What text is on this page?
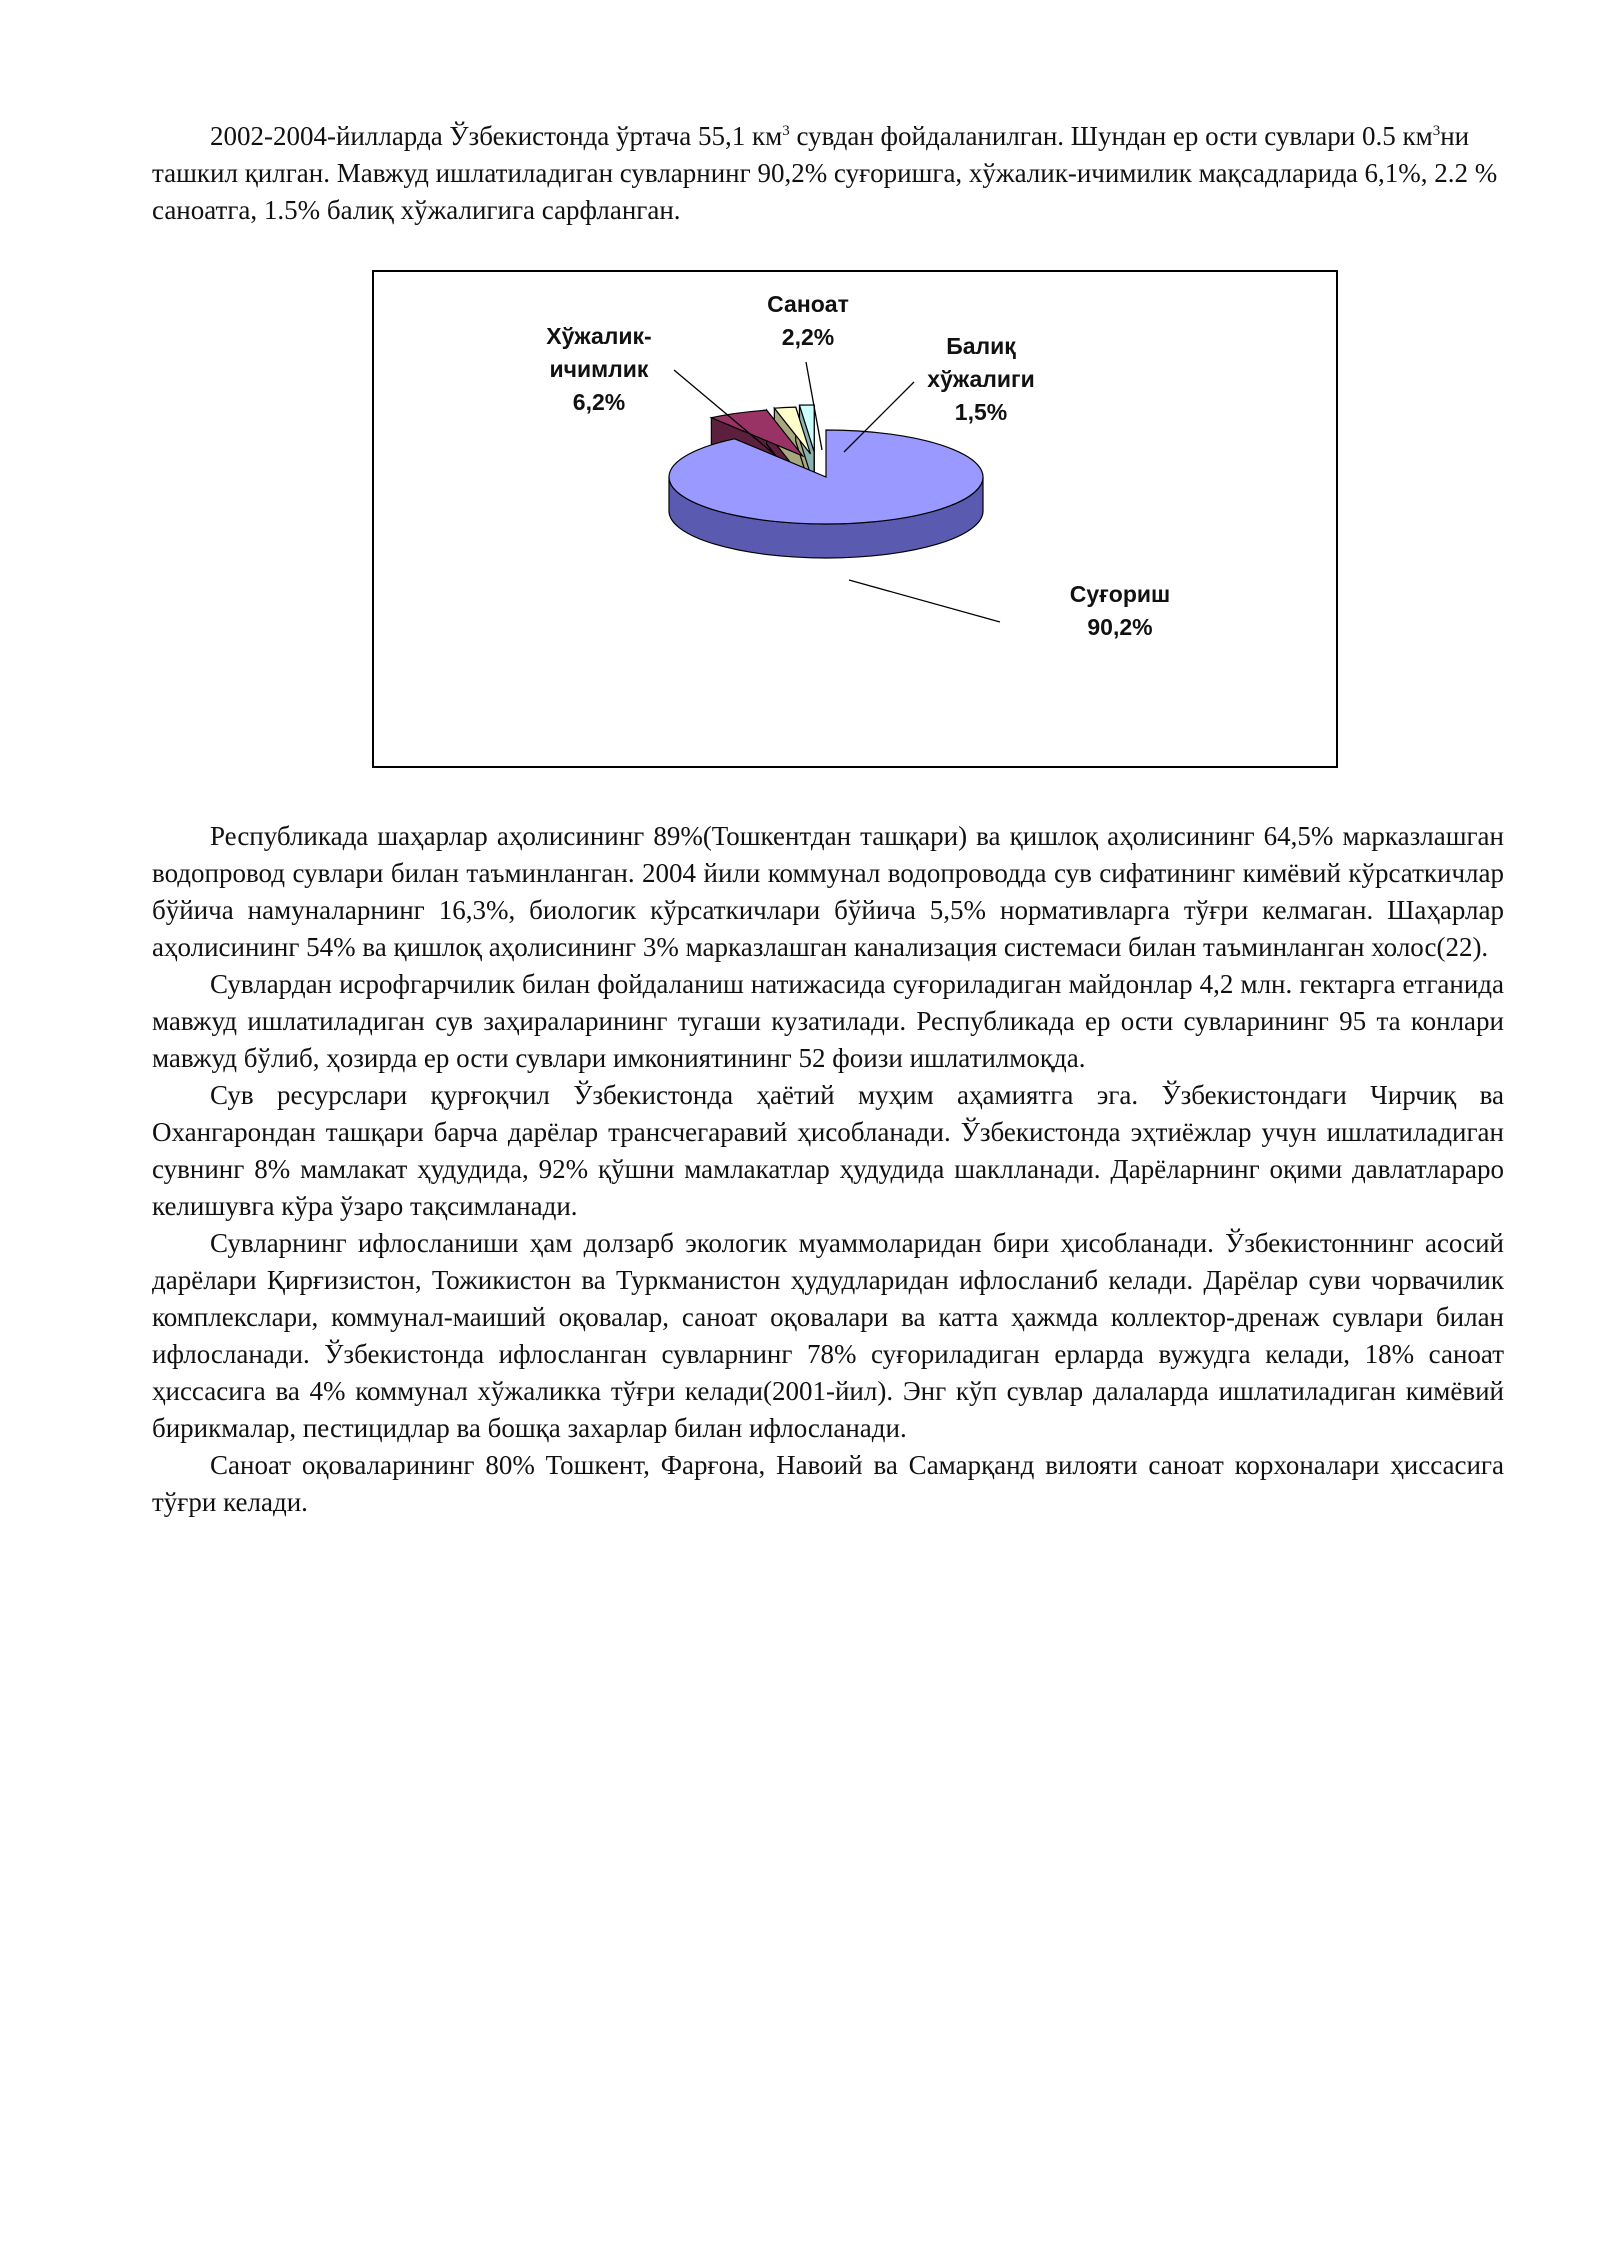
2002-2004-йилларда Ўзбекистонда ўртача 55,1 $км^3$ сувдан фойдаланилган. Шундан ер ости сувлари 0.5 $км^3ни$ ташкил қилган. Мавжуд ишлатиладиган сувларнинг 90,2% суғоришга, хўжалик-ичимилик мақсадларида 6,1%, 2.2 % саноатга, 1.5% балиқ хўжалигига сарфланган.

Суғориш
90,2%
Хўжалик-
ичимлик
6,2%
Саноат
2,2%	Балиқ
хўжалиги
1,5%

Республикада шаҳарлар аҳолисининг 89%(Тошкентдан ташқари) ва қишлоқ аҳолисининг 64,5% марказлашган водопровод сувлари билан таъминланган. 2004 йили коммунал водопроводда сув сифатининг кимёвий кўрсаткичлар бўйича намуналарнинг 16,3%, биологик кўрсаткичлари бўйича 5,5% нормативларга тўғри келмаган. Шаҳарлар аҳолисининг 54% ва қишлоқ аҳолисининг 3% марказлашган канализация системаси билан таъминланган холос(22).

Сувлардан исрофгарчилик билан фойдаланиш натижасида суғориладиган майдонлар 4,2 млн. гектарга етганида мавжуд ишлатиладиган сув заҳираларининг тугаши кузатилади. Республикада ер ости сувларининг 95 та конлари мавжуд бўлиб, ҳозирда ер ости сувлари имкониятининг 52 фоизи ишлатилмоқда.

Сув ресурслари қурғоқчил Ўзбекистонда ҳаётий муҳим аҳамиятга эга. Ўзбекистондаги Чирчиқ ва Охангарондан ташқари барча дарёлар трансчегаравий ҳисобланади. Ўзбекистонда эҳтиёжлар учун ишлатиладиган сувнинг 8% мамлакат ҳудудида, 92% қўшни мамлакатлар ҳудудида шаклланади. Дарёларнинг оқими давлатлараро келишувга кўра ўзаро тақсимланади.

Сувларнинг ифлосланиши ҳам долзарб экологик муаммоларидан бири ҳисобланади. Ўзбекистоннинг асосий дарёлари Қирғизистон, Тожикистон ва Туркманистон ҳудудларидан ифлосланиб келади. Дарёлар суви чорвачилик комплекслари, коммунал-маиший оқовалар, саноат оқовалари ва катта ҳажмда коллектор-дренаж сувлари билан ифлосланади. Ўзбекистонда ифлосланган сувларнинг 78% суғориладиган ерларда вужудга келади, 18% саноат ҳиссасига ва 4% коммунал хўжаликка тўғри келади(2001-йил). Энг кўп сувлар далаларда ишлатиладиган кимёвий бирикмалар, пестицидлар ва бошқа захарлар билан ифлосланади.

Саноат оқоваларининг 80% Тошкент, Фарғона, Навоий ва Самарқанд вилояти саноат корхоналари ҳиссасига тўғри келади.
